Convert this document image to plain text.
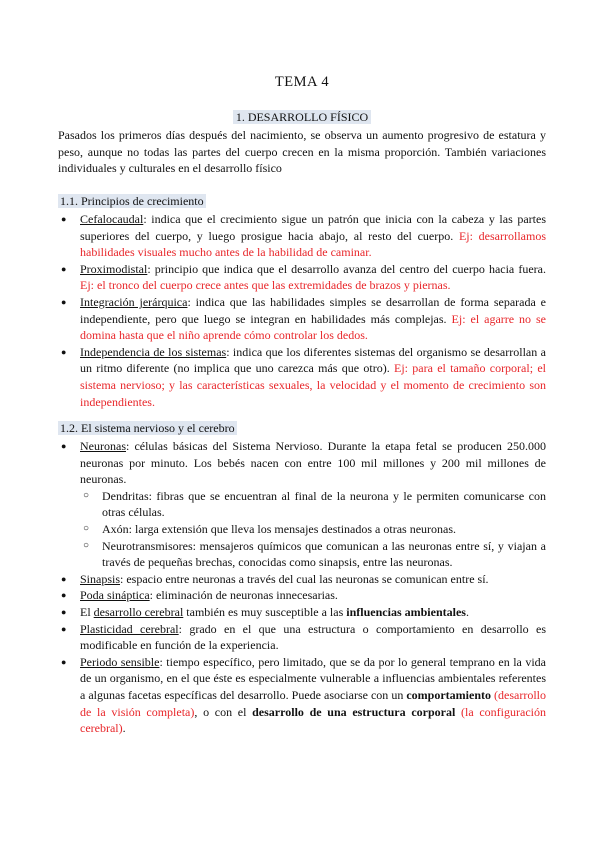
TEMA 4
1. DESARROLLO FÍSICO
Pasados los primeros días después del nacimiento, se observa un aumento progresivo de estatura y peso, aunque no todas las partes del cuerpo crecen en la misma proporción. También variaciones individuales y culturales en el desarrollo físico
1.1. Principios de crecimiento
● Cefalocaudal: indica que el crecimiento sigue un patrón que inicia con la cabeza y las partes superiores del cuerpo, y luego prosigue hacia abajo, al resto del cuerpo. Ej: desarrollamos habilidades visuales mucho antes de la habilidad de caminar.
● Proximodistal: principio que indica que el desarrollo avanza del centro del cuerpo hacia fuera. Ej: el tronco del cuerpo crece antes que las extremidades de brazos y piernas.
● Integración jerárquica: indica que las habilidades simples se desarrollan de forma separada e independiente, pero que luego se integran en habilidades más complejas. Ej: el agarre no se domina hasta que el niño aprende cómo controlar los dedos.
● Independencia de los sistemas: indica que los diferentes sistemas del organismo se desarrollan a un ritmo diferente (no implica que uno carezca más que otro). Ej: para el tamaño corporal; el sistema nervioso; y las características sexuales, la velocidad y el momento de crecimiento son independientes.
1.2. El sistema nervioso y el cerebro
● Neuronas: células básicas del Sistema Nervioso. Durante la etapa fetal se producen 250.000 neuronas por minuto. Los bebés nacen con entre 100 mil millones y 200 mil millones de neuronas.
○ Dendritas: fibras que se encuentran al final de la neurona y le permiten comunicarse con otras células.
○ Axón: larga extensión que lleva los mensajes destinados a otras neuronas.
○ Neurotransmisores: mensajeros químicos que comunican a las neuronas entre sí, y viajan a través de pequeñas brechas, conocidas como sinapsis, entre las neuronas.
● Sinapsis: espacio entre neuronas a través del cual las neuronas se comunican entre sí.
● Poda sináptica: eliminación de neuronas innecesarias.
● El desarrollo cerebral también es muy susceptible a las influencias ambientales.
● Plasticidad cerebral: grado en el que una estructura o comportamiento en desarrollo es modificable en función de la experiencia.
● Periodo sensible: tiempo específico, pero limitado, que se da por lo general temprano en la vida de un organismo, en el que éste es especialmente vulnerable a influencias ambientales referentes a algunas facetas específicas del desarrollo. Puede asociarse con un comportamiento (desarrollo de la visión completa), o con el desarrollo de una estructura corporal (la configuración cerebral).
